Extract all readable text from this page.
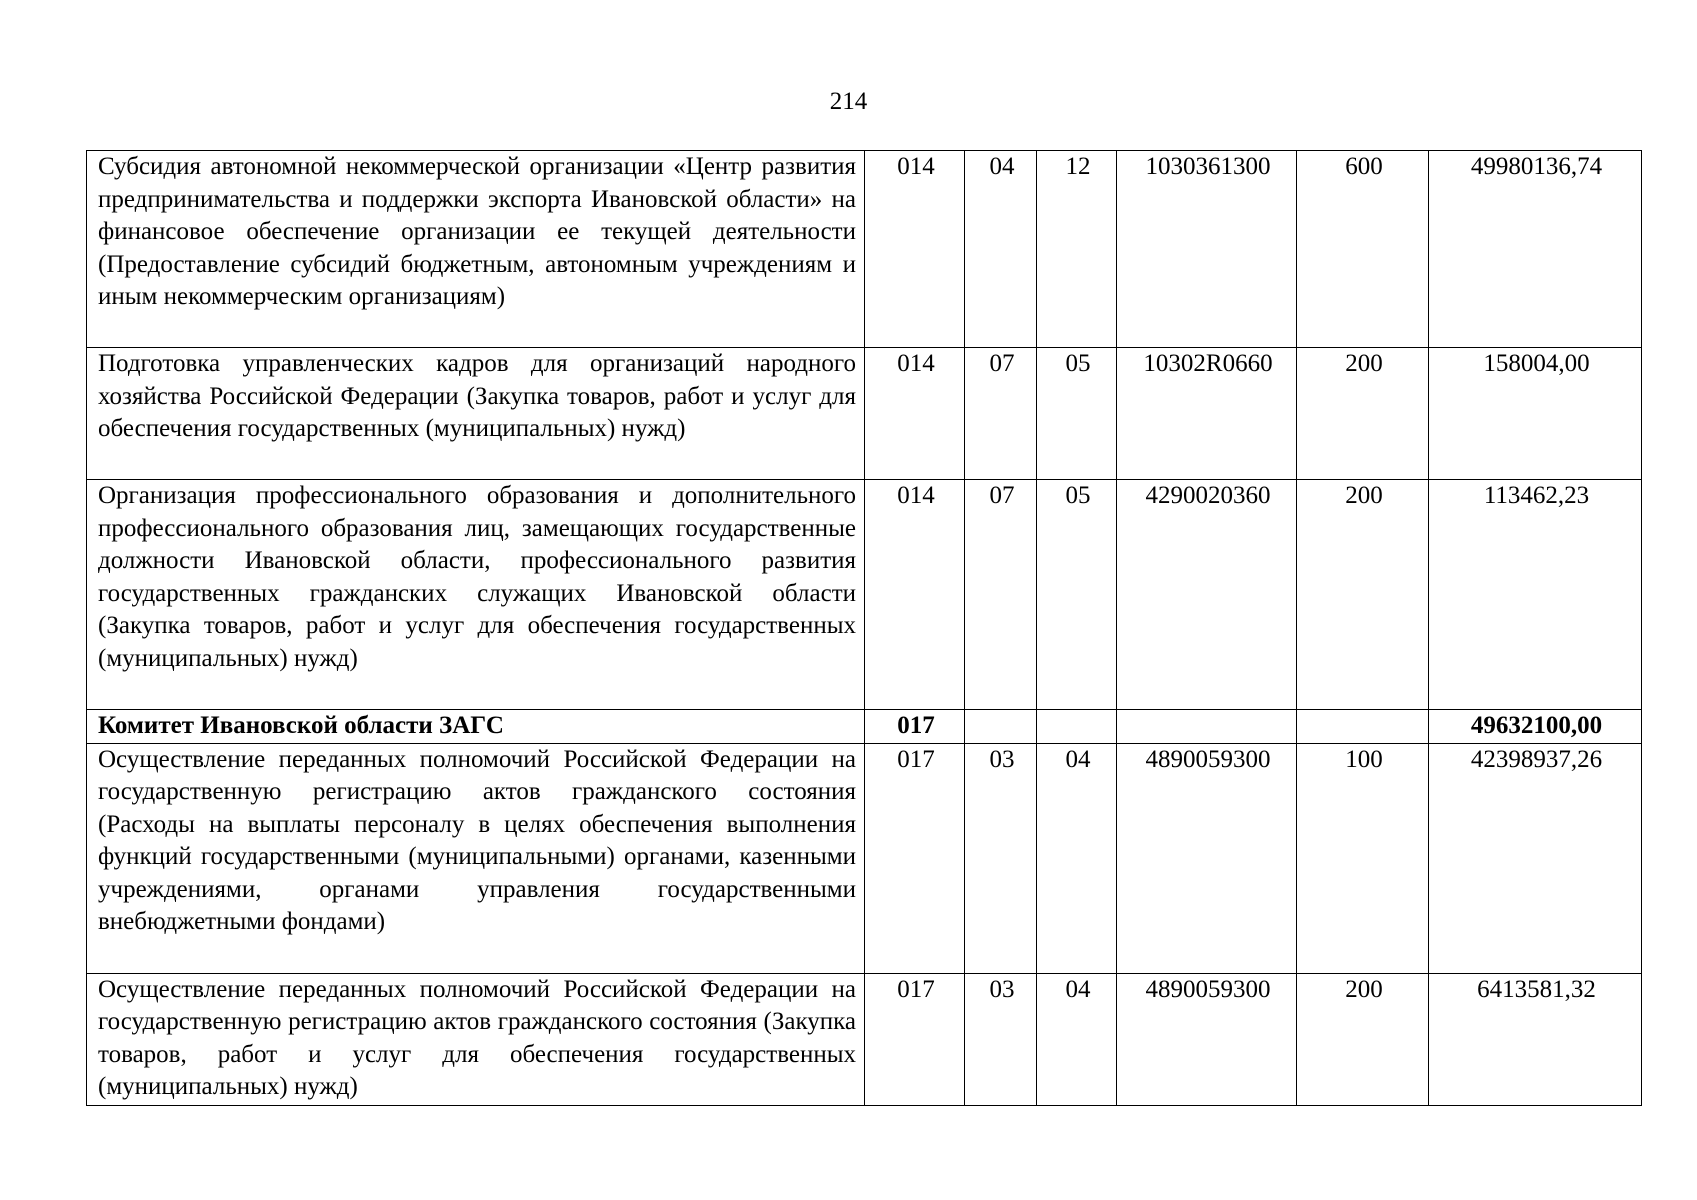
214
Субсидия автономной некоммерческой организации «Центр развития предпринимательства и поддержки экспорта Ивановской области» на финансовое обеспечение организации ее текущей деятельности (Предоставление субсидий бюджетным, автономным учреждениям и иным некоммерческим организациям)	014	04	12	1030361300	600	49980136,74
Подготовка управленческих кадров для организаций народного хозяйства Российской Федерации (Закупка товаров, работ и услуг для обеспечения государственных (муниципальных) нужд)	014	07	05	10302R0660	200	158004,00
Организация профессионального образования и дополнительного профессионального образования лиц, замещающих государственные должности Ивановской области, профессионального развития государственных гражданских служащих Ивановской области (Закупка товаров, работ и услуг для обеспечения государственных (муниципальных) нужд)	014	07	05	4290020360	200	113462,23
Комитет Ивановской области ЗАГС	017					49632100,00
Осуществление переданных полномочий Российской Федерации на государственную регистрацию актов гражданского состояния (Расходы на выплаты персоналу в целях обеспечения выполнения функций государственными (муниципальными) органами, казенными учреждениями, органами управления государственными внебюджетными фондами)	017	03	04	4890059300	100	42398937,26
Осуществление переданных полномочий Российской Федерации на государственную регистрацию актов гражданского состояния (Закупка товаров, работ и услуг для обеспечения государственных (муниципальных) нужд)	017	03	04	4890059300	200	6413581,32
